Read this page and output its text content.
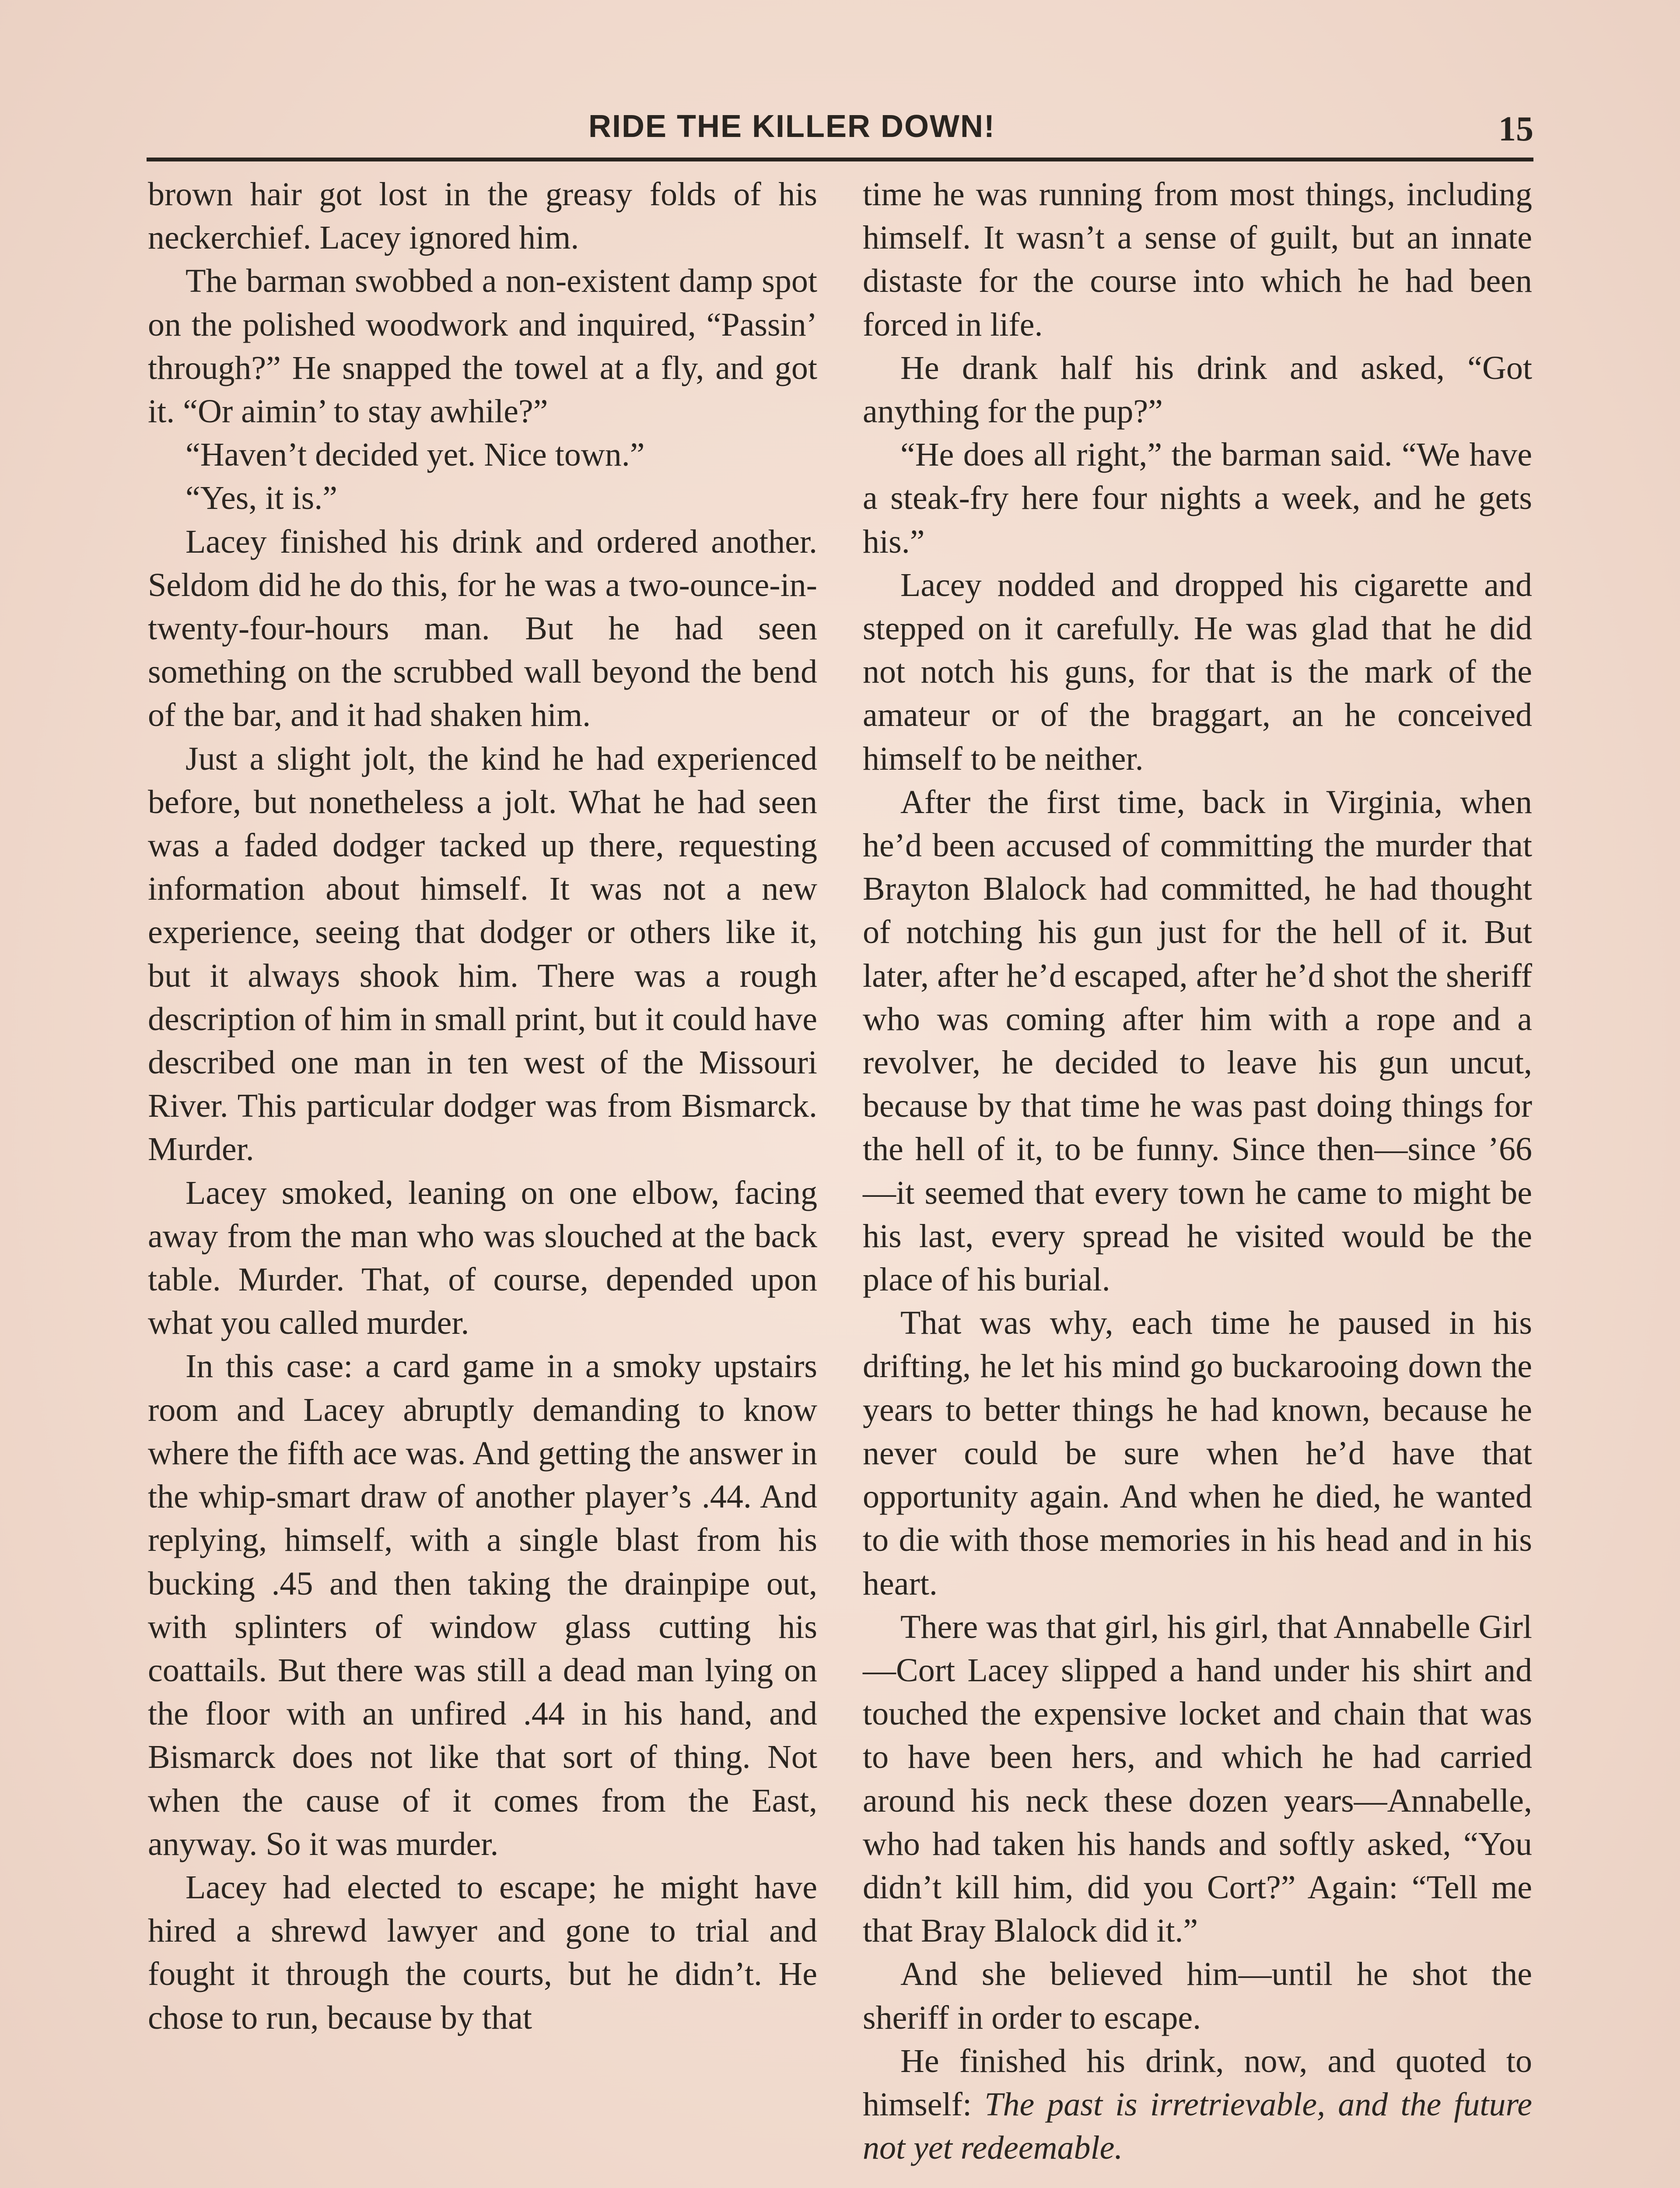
RIDE THE KILLER DOWN!	15

brown hair got lost in the greasy folds of his neckerchief. Lacey ignored him.

The barman swobbed a non-existent damp spot on the polished woodwork and inquired, “Passin’ through?” He snapped the towel at a fly, and got it. “Or aimin’ to stay awhile?”

“Haven’t decided yet. Nice town.”

“Yes, it is.”

Lacey finished his drink and ordered another. Seldom did he do this, for he was a two-ounce-in-twenty-four-hours man. But he had seen something on the scrubbed wall beyond the bend of the bar, and it had shaken him.

Just a slight jolt, the kind he had experienced before, but nonetheless a jolt. What he had seen was a faded dodger tacked up there, requesting information about himself. It was not a new experience, seeing that dodger or others like it, but it always shook him. There was a rough description of him in small print, but it could have described one man in ten west of the Missouri River. This particular dodger was from Bismarck. Murder.

Lacey smoked, leaning on one elbow, facing away from the man who was slouched at the back table. Murder. That, of course, depended upon what you called murder.

In this case: a card game in a smoky upstairs room and Lacey abruptly demanding to know where the fifth ace was. And getting the answer in the whip-smart draw of another player’s .44. And replying, himself, with a single blast from his bucking .45 and then taking the drainpipe out, with splinters of window glass cutting his coattails. But there was still a dead man lying on the floor with an unfired .44 in his hand, and Bismarck does not like that sort of thing. Not when the cause of it comes from the East, anyway. So it was murder.

Lacey had elected to escape; he might have hired a shrewd lawyer and gone to trial and fought it through the courts, but he didn’t. He chose to run, because by that

time he was running from most things, including himself. It wasn’t a sense of guilt, but an innate distaste for the course into which he had been forced in life.

He drank half his drink and asked, “Got anything for the pup?”

“He does all right,” the barman said. “We have a steak-fry here four nights a week, and he gets his.”

Lacey nodded and dropped his cigarette and stepped on it carefully. He was glad that he did not notch his guns, for that is the mark of the amateur or of the braggart, an he conceived himself to be neither.

After the first time, back in Virginia, when he’d been accused of committing the murder that Brayton Blalock had committed, he had thought of notching his gun just for the hell of it. But later, after he’d escaped, after he’d shot the sheriff who was coming after him with a rope and a revolver, he decided to leave his gun uncut, because by that time he was past doing things for the hell of it, to be funny. Since then—since ’66—it seemed that every town he came to might be his last, every spread he visited would be the place of his burial.

That was why, each time he paused in his drifting, he let his mind go buckarooing down the years to better things he had known, because he never could be sure when he’d have that opportunity again. And when he died, he wanted to die with those memories in his head and in his heart.

There was that girl, his girl, that Annabelle Girl—Cort Lacey slipped a hand under his shirt and touched the expensive locket and chain that was to have been hers, and which he had carried around his neck these dozen years—Annabelle, who had taken his hands and softly asked, “You didn’t kill him, did you Cort?” Again: “Tell me that Bray Blalock did it.”

And she believed him—until he shot the sheriff in order to escape.

He finished his drink, now, and quoted to himself: The past is irretrievable, and the future not yet redeemable.
